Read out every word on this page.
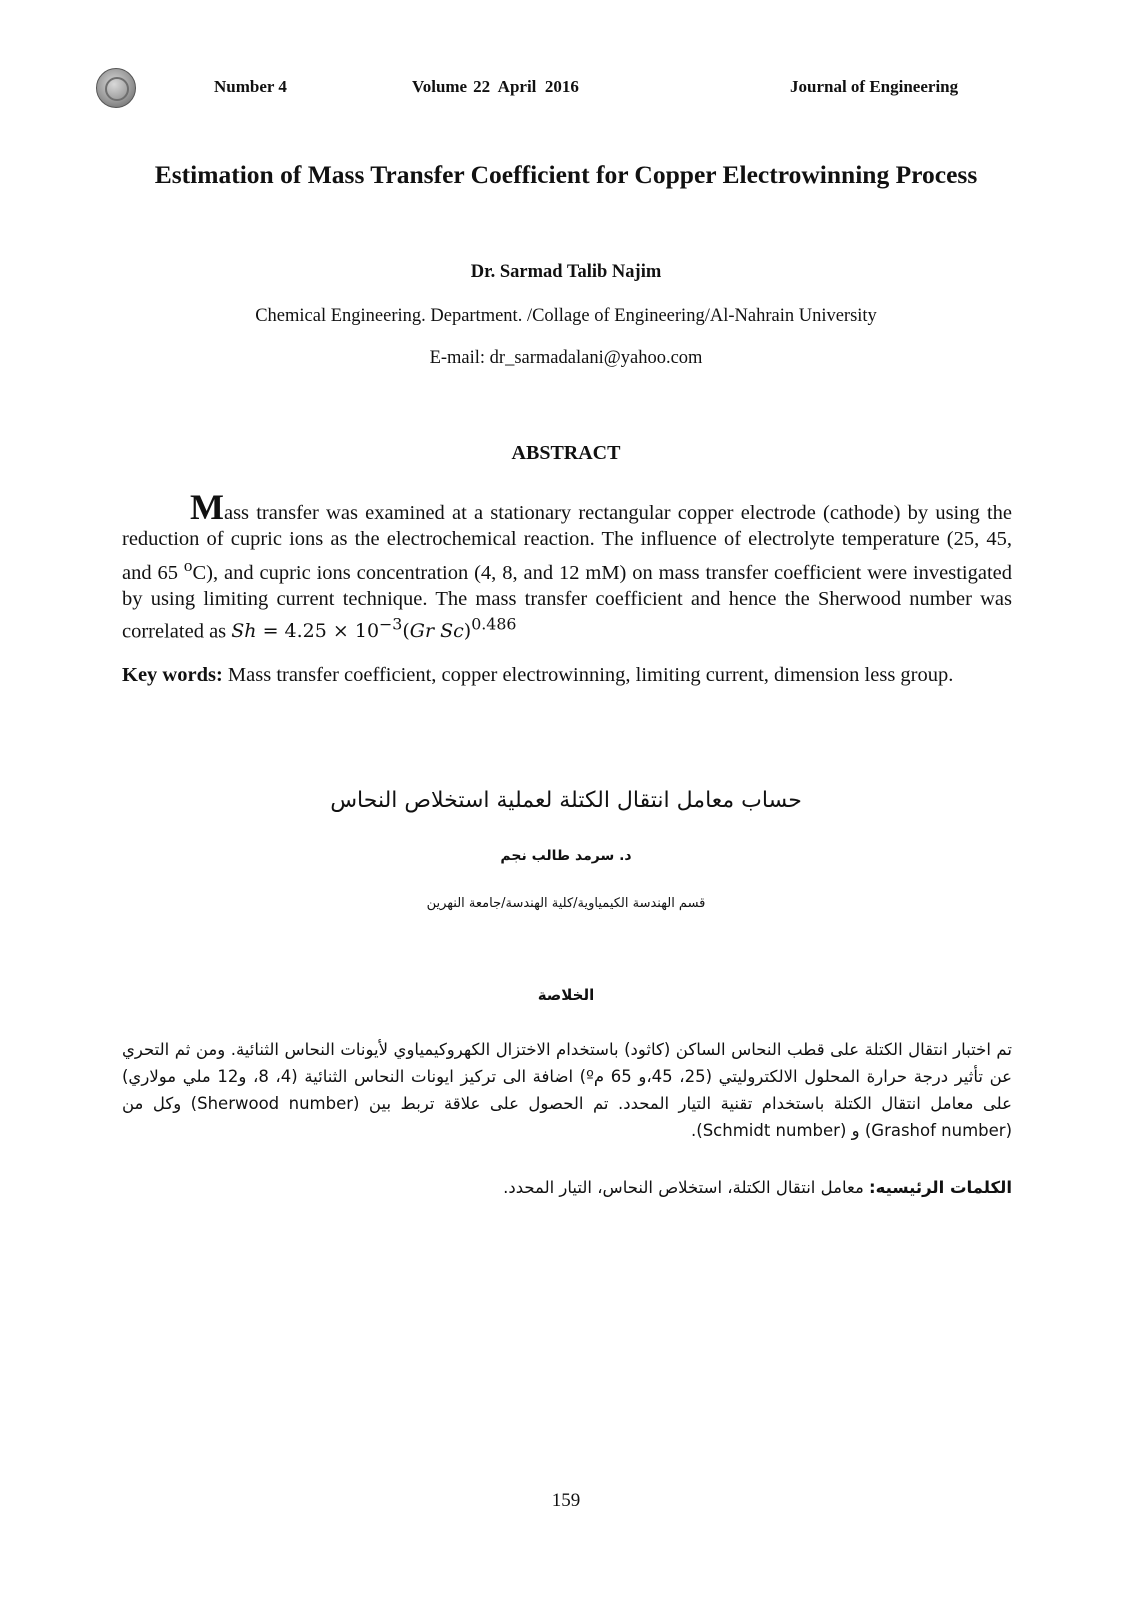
Number 4	Volume 22  April  2016	Journal of Engineering
Estimation of Mass Transfer Coefficient for Copper Electrowinning Process
Dr. Sarmad Talib Najim
Chemical Engineering. Department. /Collage of Engineering/Al-Nahrain University
E-mail: dr_sarmadalani@yahoo.com
ABSTRACT
Mass transfer was examined at a stationary rectangular copper electrode (cathode) by using the reduction of cupric ions as the electrochemical reaction. The influence of electrolyte temperature (25, 45, and 65 $^o$C), and cupric ions concentration (4, 8, and 12 mM) on mass transfer coefficient were investigated by using limiting current technique. The mass transfer coefficient and hence the Sherwood number was correlated as $Sh = 4.25 \times 10^{-3}(Gr$ Sc)$^{0.486}$
Key words: Mass transfer coefficient, copper electrowinning, limiting current, dimension less group.
حساب معامل انتقال الكتلة لعملية استخلاص النحاس
د. سرمد طالب نجم
قسم الهندسة الكيمياوية/كلية الهندسة/جامعة النهرين
الخلاصة

تم اختبار انتقال الكتلة على قطب النحاس الساكن (كاثود) باستخدام الاختزال الكهروكيمياوي لأيونات النحاس الثنائية. ومن ثم التحري عن تأثير درجة حرارة المحلول الالكتروليتي (25، 45،و 65 مº) اضافة الى تركيز ايونات النحاس الثنائية (4، 8، و12 ملي مولاري) على معامل انتقال الكتلة باستخدام تقنية التيار المحدد. تم الحصول على علاقة تربط بين (Sherwood number) وكل من (Grashof number) و (Schmidt number).

الكلمات الرئيسيه: معامل انتقال الكتلة، استخلاص النحاس، التيار المحدد.
159
